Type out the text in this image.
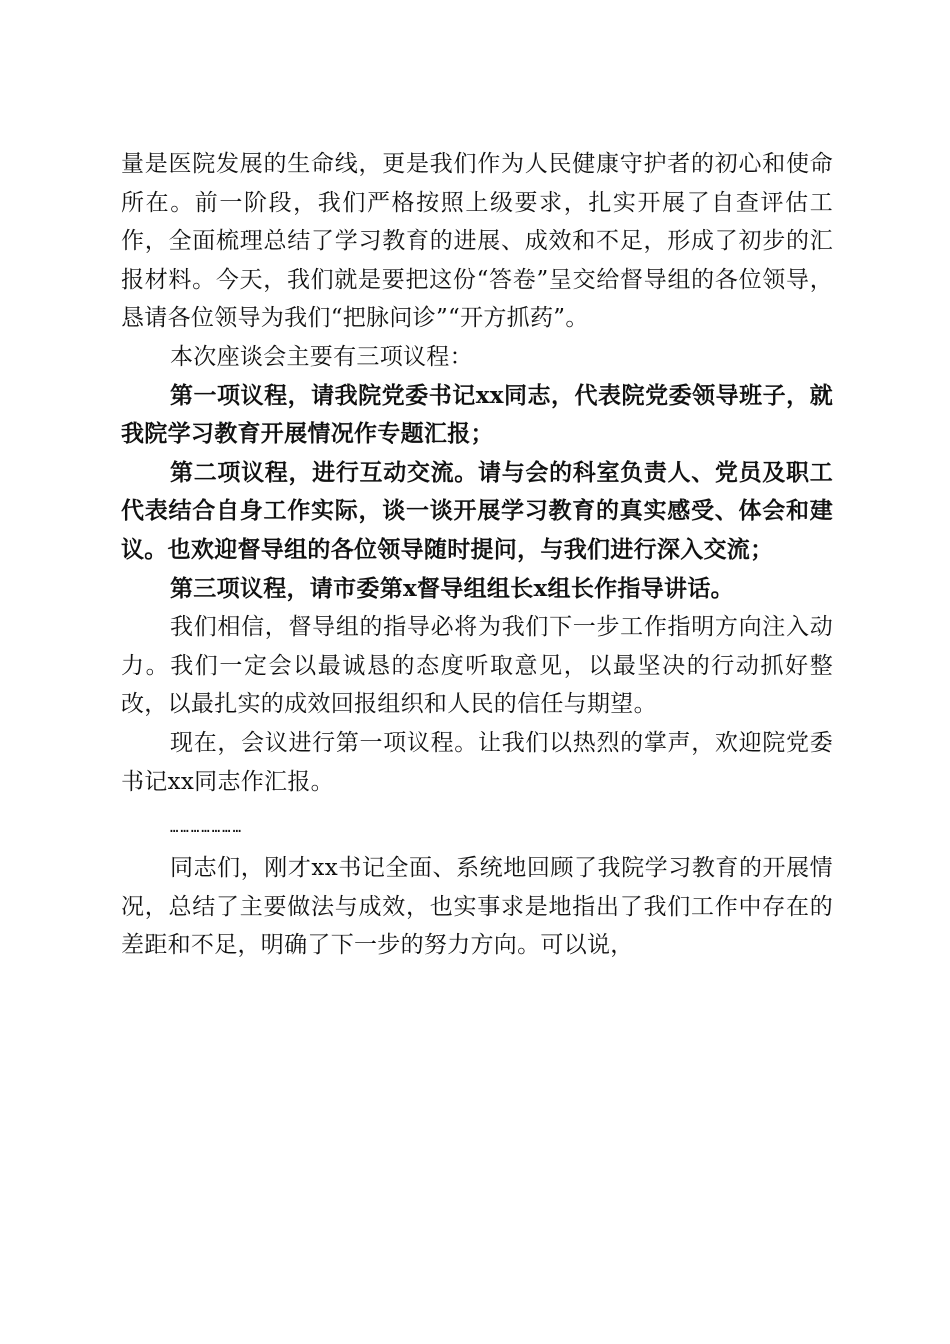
量是医院发展的生命线，更是我们作为人民健康守护者的初心和使命所在。前一阶段，我们严格按照上级要求，扎实开展了自查评估工作，全面梳理总结了学习教育的进展、成效和不足，形成了初步的汇报材料。今天，我们就是要把这份“答卷”呈交给督导组的各位领导，恳请各位领导为我们“把脉问诊”“开方抓药”。

本次座谈会主要有三项议程：

第一项议程，请我院党委书记xx同志，代表院党委领导班子，就我院学习教育开展情况作专题汇报；

第二项议程，进行互动交流。请与会的科室负责人、党员及职工代表结合自身工作实际，谈一谈开展学习教育的真实感受、体会和建议。也欢迎督导组的各位领导随时提问，与我们进行深入交流；

第三项议程，请市委第x督导组组长x组长作指导讲话。

我们相信，督导组的指导必将为我们下一步工作指明方向注入动力。我们一定会以最诚恳的态度听取意见，以最坚决的行动抓好整改，以最扎实的成效回报组织和人民的信任与期望。

现在，会议进行第一项议程。让我们以热烈的掌声，欢迎院党委书记xx同志作汇报。

…………………

同志们，刚才xx书记全面、系统地回顾了我院学习教育的开展情况，总结了主要做法与成效，也实事求是地指出了我们工作中存在的差距和不足，明确了下一步的努力方向。可以说，
